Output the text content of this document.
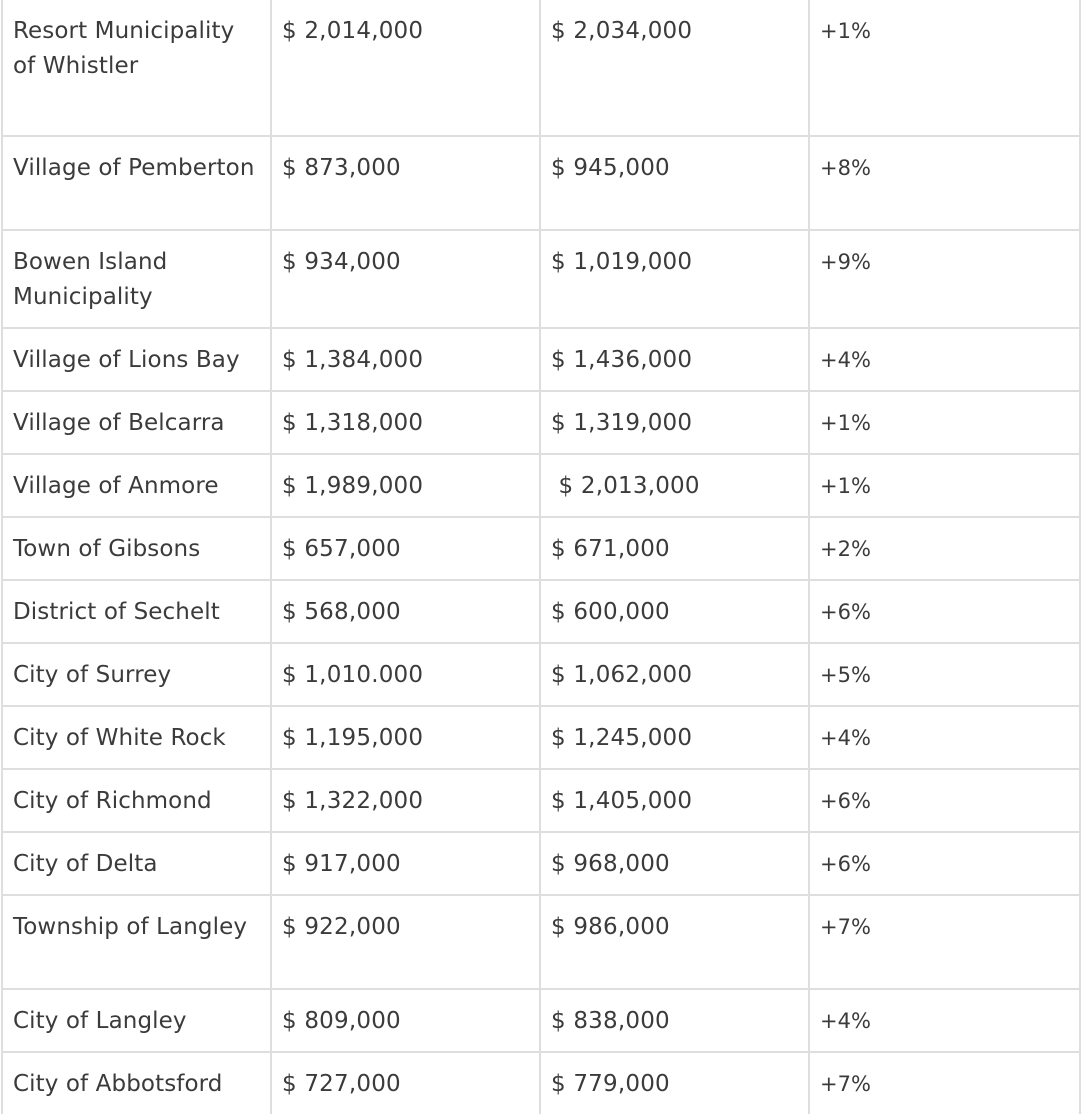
Resort Municipality of Whistler	$ 2,014,000	$ 2,034,000	+1%
Village of Pemberton	$ 873,000	$ 945,000	+8%
Bowen Island Municipality	$ 934,000	$ 1,019,000	+9%
Village of Lions Bay	$ 1,384,000	$ 1,436,000	+4%
Village of Belcarra	$ 1,318,000	$ 1,319,000	+1%
Village of Anmore	$ 1,989,000	$ 2,013,000	+1%
Town of Gibsons	$ 657,000	$ 671,000	+2%
District of Sechelt	$ 568,000	$ 600,000	+6%
City of Surrey	$ 1,010.000	$ 1,062,000	+5%
City of White Rock	$ 1,195,000	$ 1,245,000	+4%
City of Richmond	$ 1,322,000	$ 1,405,000	+6%
City of Delta	$ 917,000	$ 968,000	+6%
Township of Langley	$ 922,000	$ 986,000	+7%
City of Langley	$ 809,000	$ 838,000	+4%
City of Abbotsford	$ 727,000	$ 779,000	+7%
